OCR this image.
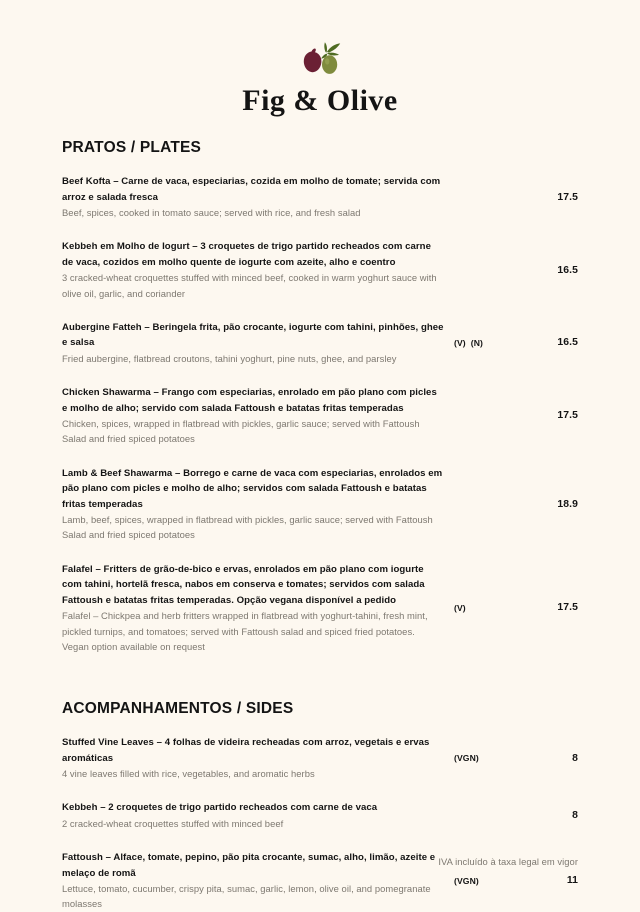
Fig & Olive
PRATOS / PLATES
Beef Kofta – Carne de vaca, especiarias, cozida em molho de tomate; servida com arroz e salada fresca
Beef, spices, cooked in tomato sauce; served with rice, and fresh salad
17.5
Kebbeh em Molho de Iogurt – 3 croquetes de trigo partido recheados com carne de vaca, cozidos em molho quente de iogurte com azeite, alho e coentro
3 cracked-wheat croquettes stuffed with minced beef, cooked in warm yoghurt sauce with olive oil, garlic, and coriander
16.5
Aubergine Fatteh – Beringela frita, pão crocante, iogurte com tahini, pinhões, ghee e salsa
Fried aubergine, flatbread croutons, tahini yoghurt, pine nuts, ghee, and parsley
(V) (N)	16.5
Chicken Shawarma – Frango com especiarias, enrolado em pão plano com picles e molho de alho; servido com salada Fattoush e batatas fritas temperadas
Chicken, spices, wrapped in flatbread with pickles, garlic sauce; served with Fattoush Salad and fried spiced potatoes
17.5
Lamb & Beef Shawarma – Borrego e carne de vaca com especiarias, enrolados em pão plano com picles e molho de alho; servidos com salada Fattoush e batatas fritas temperadas
Lamb, beef, spices, wrapped in flatbread with pickles, garlic sauce; served with Fattoush Salad and fried spiced potatoes
18.9
Falafel – Fritters de grão-de-bico e ervas, enrolados em pão plano com iogurte com tahini, hortelã fresca, nabos em conserva e tomates; servidos com salada Fattoush e batatas fritas temperadas. Opção vegana disponível a pedido
Falafel – Chickpea and herb fritters wrapped in flatbread with yoghurt-tahini, fresh mint, pickled turnips, and tomatoes; served with Fattoush salad and spiced fried potatoes. Vegan option available on request
(V)	17.5
ACOMPANHAMENTOS / SIDES
Stuffed Vine Leaves – 4 folhas de videira recheadas com arroz, vegetais e ervas aromáticas
4 vine leaves filled with rice, vegetables, and aromatic herbs
(VGN)	8
Kebbeh – 2 croquetes de trigo partido recheados com carne de vaca
2 cracked-wheat croquettes stuffed with minced beef
8
Fattoush – Alface, tomate, pepino, pão pita crocante, sumac, alho, limão, azeite e melaço de romã
Lettuce, tomato, cucumber, crispy pita, sumac, garlic, lemon, olive oil, and pomegranate molasses
(VGN)	11
IVA incluído à taxa legal em vigor
